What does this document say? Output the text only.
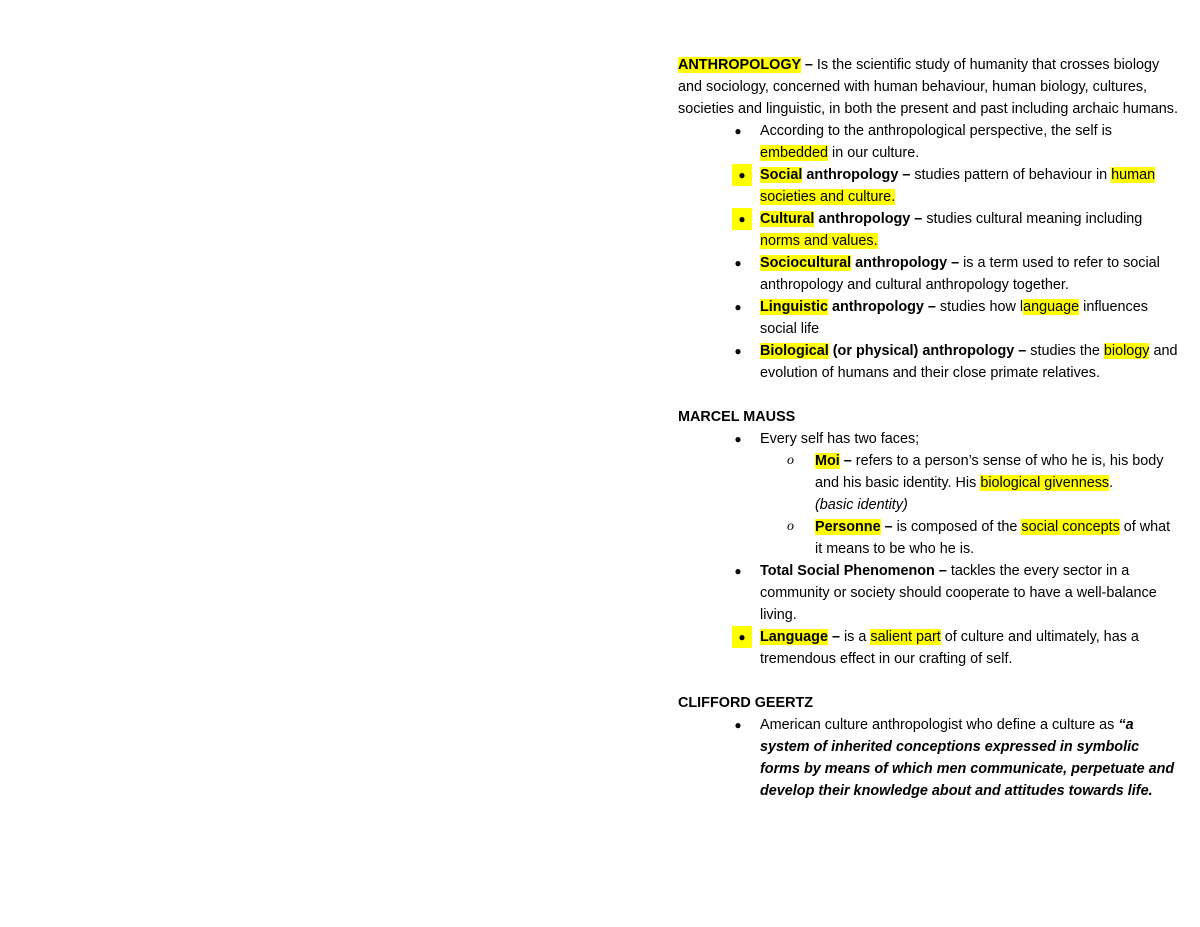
ANTHROPOLOGY – Is the scientific study of humanity that crosses biology and sociology, concerned with human behaviour, human biology, cultures, societies and linguistic, in both the present and past including archaic humans.

● According to the anthropological perspective, the self is embedded in our culture.
● Social anthropology – studies pattern of behaviour in human societies and culture.
● Cultural anthropology – studies cultural meaning including norms and values.
● Sociocultural anthropology – is a term used to refer to social anthropology and cultural anthropology together.
● Linguistic anthropology – studies how language influences social life
● Biological (or physical) anthropology – studies the biology and evolution of humans and their close primate relatives.

MARCEL MAUSS

● Every self has two faces;
o Moi – refers to a person’s sense of who he is, his body and his basic identity. His biological givenness.
(basic identity)
o Personne – is composed of the social concepts of what it means to be who he is.
● Total Social Phenomenon – tackles the every sector in a community or society should cooperate to have a well-balance living.
● Language – is a salient part of culture and ultimately, has a tremendous effect in our crafting of self.

CLIFFORD GEERTZ

● American culture anthropologist who define a culture as “a system of inherited conceptions expressed in symbolic forms by means of which men communicate, perpetuate and develop their knowledge about and attitudes towards life.
